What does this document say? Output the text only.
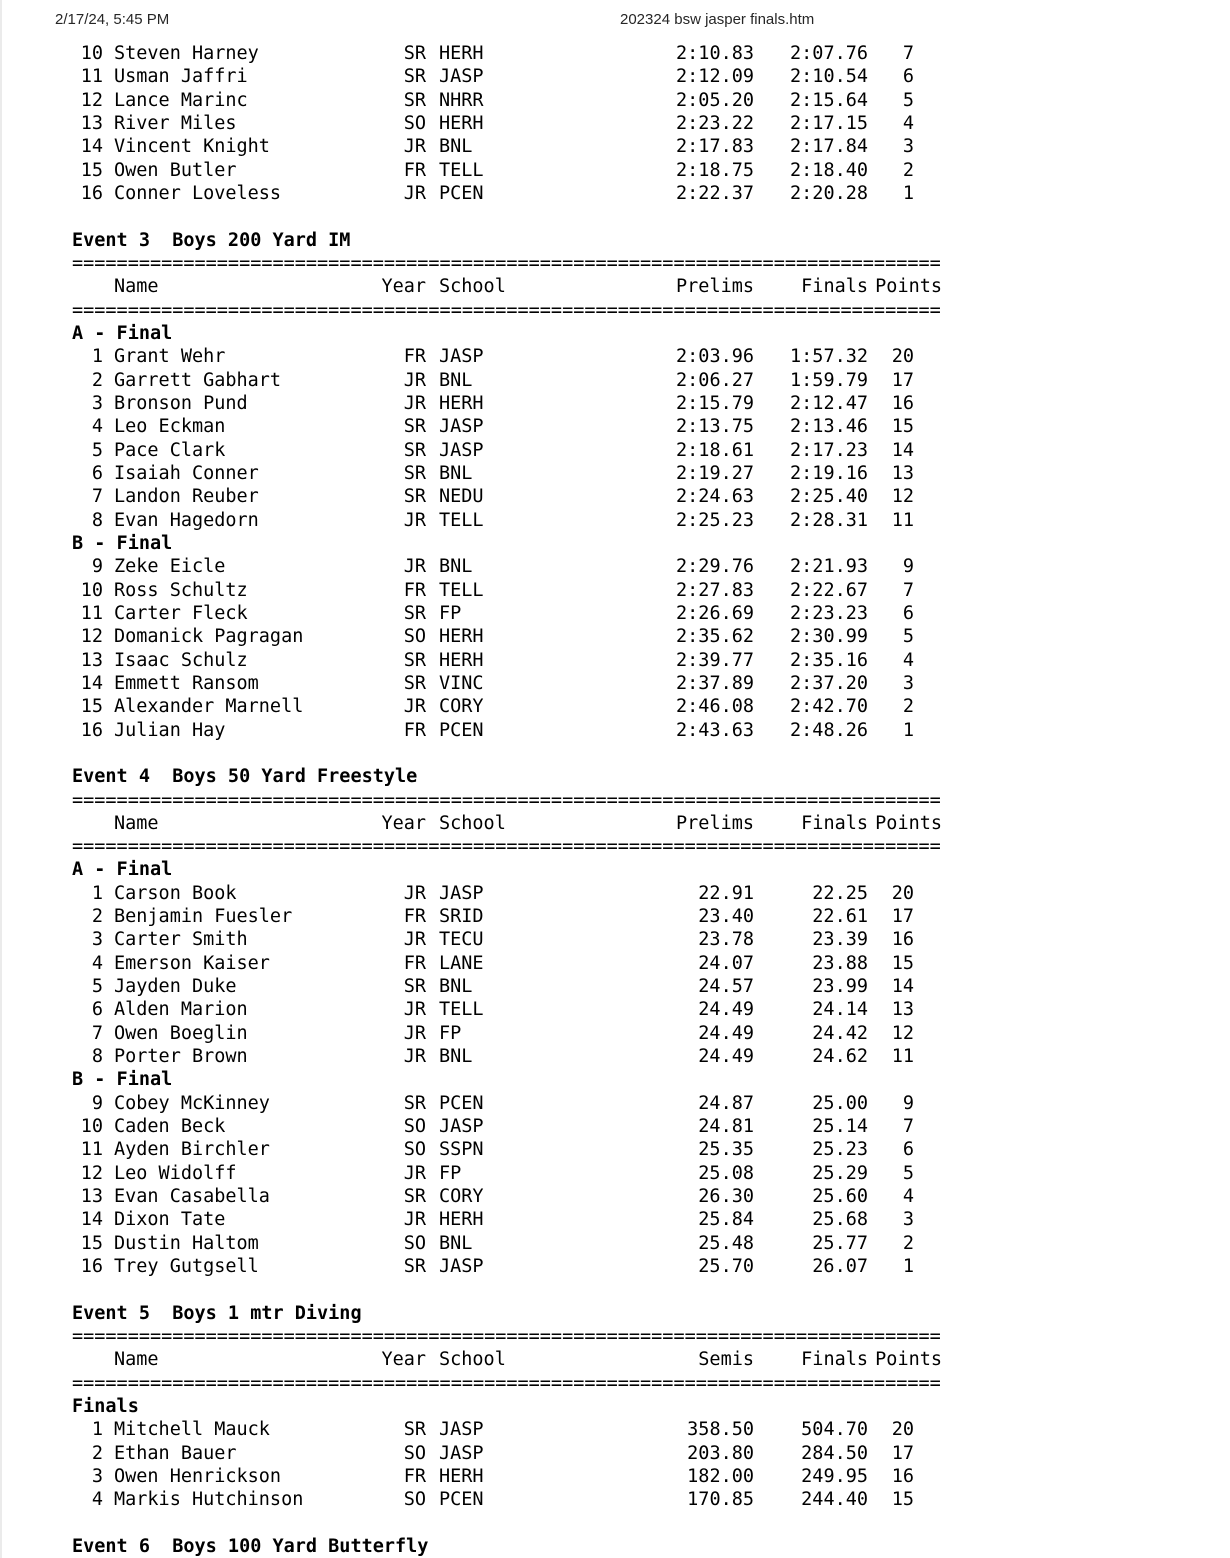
2/17/24, 5:45 PM	202324 bsw jasper finals.htm
10 Steven Harney	SR HERH	2:10.83	2:07.76	7
11 Usman Jaffri	SR JASP	2:12.09	2:10.54	6
12 Lance Marinc	SR NHRR	2:05.20	2:15.64	5
13 River Miles	SO HERH	2:23.22	2:17.15	4
14 Vincent Knight	JR BNL	2:17.83	2:17.84	3
15 Owen Butler	FR TELL	2:18.75	2:18.40	2
16 Conner Loveless	JR PCEN	2:22.37	2:20.28	1
Event 3  Boys 200 Yard IM
==============================================================================
Name	Year School	Prelims	Finals Points
==============================================================================
A - Final
1 Grant Wehr	FR JASP	2:03.96	1:57.32	20
2 Garrett Gabhart	JR BNL	2:06.27	1:59.79	17
3 Bronson Pund	JR HERH	2:15.79	2:12.47	16
4 Leo Eckman	SR JASP	2:13.75	2:13.46	15
5 Pace Clark	SR JASP	2:18.61	2:17.23	14
6 Isaiah Conner	SR BNL	2:19.27	2:19.16	13
7 Landon Reuber	SR NEDU	2:24.63	2:25.40	12
8 Evan Hagedorn	JR TELL	2:25.23	2:28.31	11
B - Final
9 Zeke Eicle	JR BNL	2:29.76	2:21.93	9
10 Ross Schultz	FR TELL	2:27.83	2:22.67	7
11 Carter Fleck	SR FP	2:26.69	2:23.23	6
12 Domanick Pagragan	SO HERH	2:35.62	2:30.99	5
13 Isaac Schulz	SR HERH	2:39.77	2:35.16	4
14 Emmett Ransom	SR VINC	2:37.89	2:37.20	3
15 Alexander Marnell	JR CORY	2:46.08	2:42.70	2
16 Julian Hay	FR PCEN	2:43.63	2:48.26	1
Event 4  Boys 50 Yard Freestyle
==============================================================================
Name	Year School	Prelims	Finals Points
==============================================================================
A - Final
1 Carson Book	JR JASP	22.91	22.25	20
2 Benjamin Fuesler	FR SRID	23.40	22.61	17
3 Carter Smith	JR TECU	23.78	23.39	16
4 Emerson Kaiser	FR LANE	24.07	23.88	15
5 Jayden Duke	SR BNL	24.57	23.99	14
6 Alden Marion	JR TELL	24.49	24.14	13
7 Owen Boeglin	JR FP	24.49	24.42	12
8 Porter Brown	JR BNL	24.49	24.62	11
B - Final
9 Cobey McKinney	SR PCEN	24.87	25.00	9
10 Caden Beck	SO JASP	24.81	25.14	7
11 Ayden Birchler	SO SSPN	25.35	25.23	6
12 Leo Widolff	JR FP	25.08	25.29	5
13 Evan Casabella	SR CORY	26.30	25.60	4
14 Dixon Tate	JR HERH	25.84	25.68	3
15 Dustin Haltom	SO BNL	25.48	25.77	2
16 Trey Gutgsell	SR JASP	25.70	26.07	1
Event 5  Boys 1 mtr Diving
==============================================================================
Name	Year School	Semis	Finals Points
==============================================================================
Finals
1 Mitchell Mauck	SR JASP	358.50	504.70	20
2 Ethan Bauer	SO JASP	203.80	284.50	17
3 Owen Henrickson	FR HERH	182.00	249.95	16
4 Markis Hutchinson	SO PCEN	170.85	244.40	15
Event 6  Boys 100 Yard Butterfly
